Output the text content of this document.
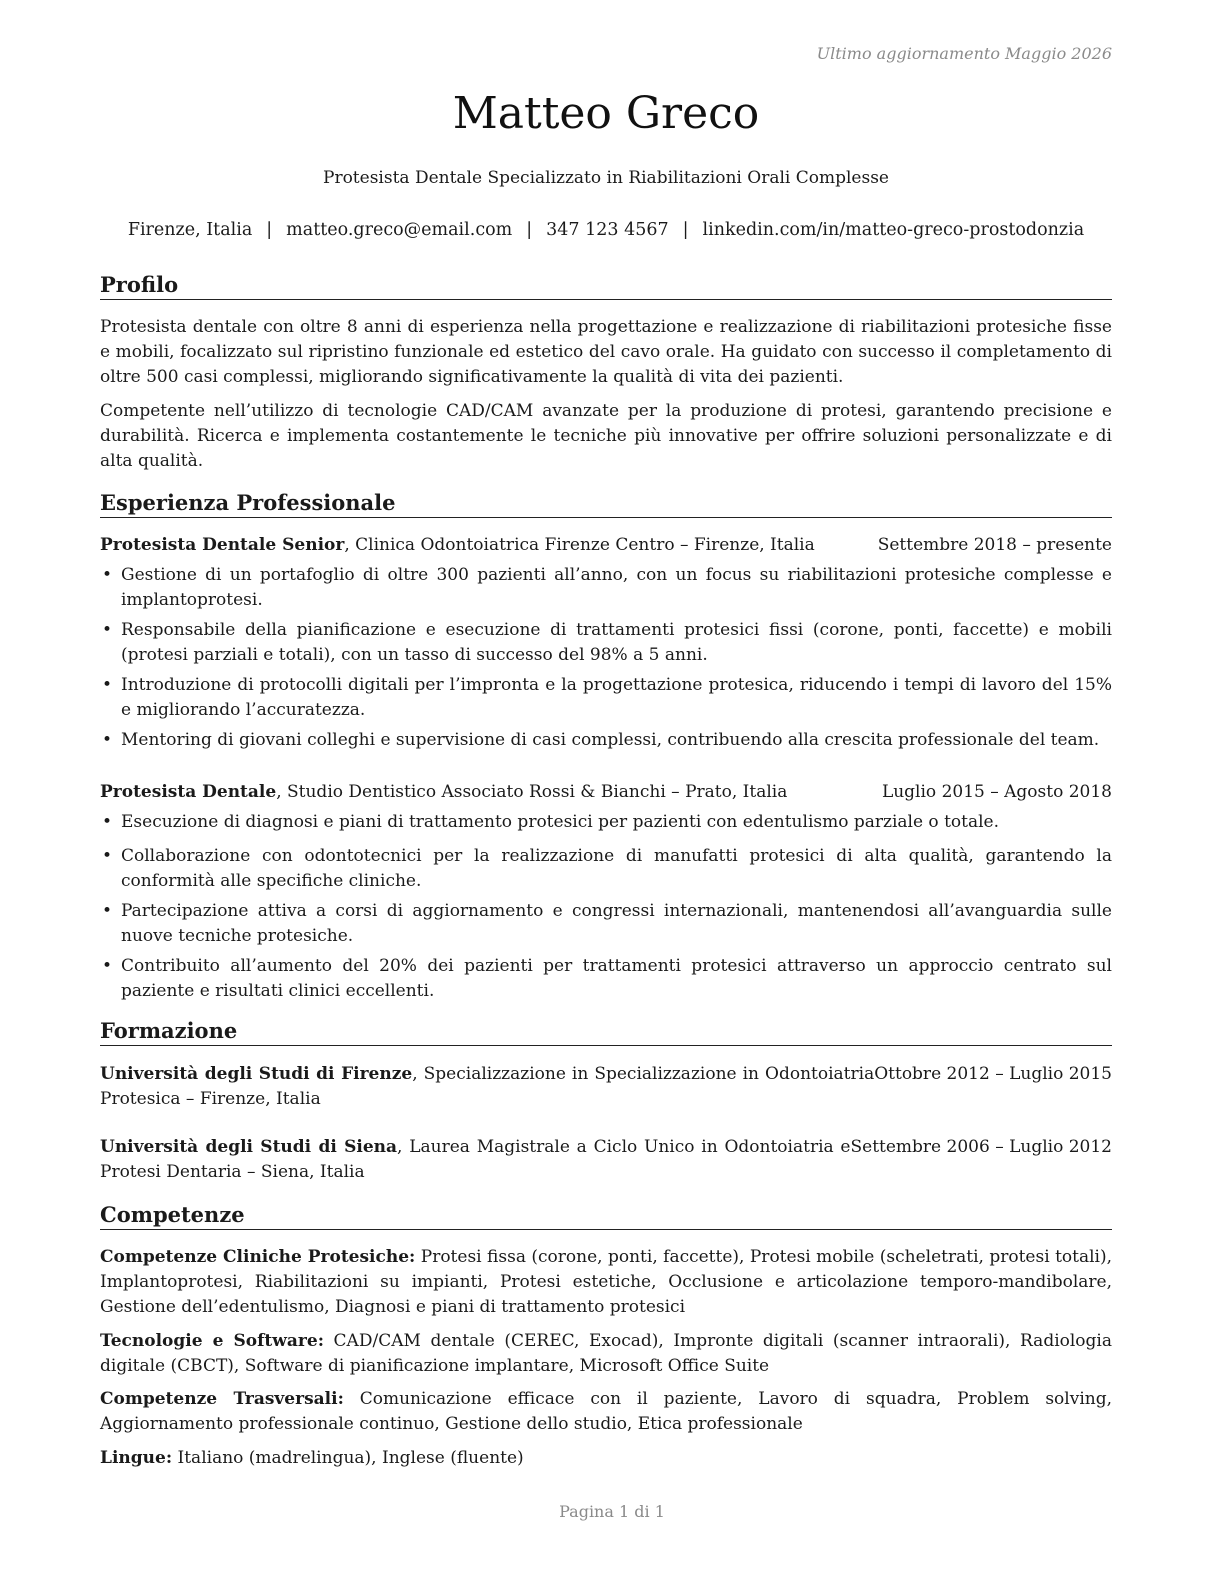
Ultimo aggiornamento Maggio 2026
Matteo Greco
Protesista Dentale Specializzato in Riabilitazioni Orali Complesse
Firenze, Italia | matteo.greco@email.com | 347 123 4567 | linkedin.com/in/matteo-greco-prostodonzia
Profilo
Protesista dentale con oltre 8 anni di esperienza nella progettazione e realizzazione di riabilitazioni protesiche fisse e mobili, focalizzato sul ripristino funzionale ed estetico del cavo orale. Ha guidato con successo il completamento di oltre 500 casi complessi, migliorando significativamente la qualità di vita dei pazienti.
Competente nell’utilizzo di tecnologie CAD/CAM avanzate per la produzione di protesi, garantendo precisione e durabilità. Ricerca e implementa costantemente le tecniche più innovative per offrire soluzioni personalizzate e di alta qualità.
Esperienza Professionale
Protesista Dentale Senior, Clinica Odontoiatrica Firenze Centro – Firenze, Italia	Settembre 2018 – presente
• Gestione di un portafoglio di oltre 300 pazienti all’anno, con un focus su riabilitazioni protesiche complesse e implantoprotesi.
• Responsabile della pianificazione e esecuzione di trattamenti protesici fissi (corone, ponti, faccette) e mobili (protesi parziali e totali), con un tasso di successo del 98% a 5 anni.
• Introduzione di protocolli digitali per l’impronta e la progettazione protesica, riducendo i tempi di lavoro del 15% e migliorando l’accuratezza.
• Mentoring di giovani colleghi e supervisione di casi complessi, contribuendo alla crescita professionale del team.
Protesista Dentale, Studio Dentistico Associato Rossi & Bianchi – Prato, Italia	Luglio 2015 – Agosto 2018
• Esecuzione di diagnosi e piani di trattamento protesici per pazienti con edentulismo parziale o totale.
• Collaborazione con odontotecnici per la realizzazione di manufatti protesici di alta qualità, garantendo la conformità alle specifiche cliniche.
• Partecipazione attiva a corsi di aggiornamento e congressi internazionali, mantenendosi all’avanguardia sulle nuove tecniche protesiche.
• Contribuito all’aumento del 20% dei pazienti per trattamenti protesici attraverso un approccio centrato sul paziente e risultati clinici eccellenti.
Formazione
Università degli Studi di Firenze, Specializzazione in Specializzazione in Odontoiatria Protesica – Firenze, Italia
Ottobre 2012 – Luglio 2015
Università degli Studi di Siena, Laurea Magistrale a Ciclo Unico in Odontoiatria e Protesi Dentaria – Siena, Italia
Settembre 2006 – Luglio 2012
Competenze
Competenze Cliniche Protesiche: Protesi fissa (corone, ponti, faccette), Protesi mobile (scheletrati, protesi totali), Implantoprotesi, Riabilitazioni su impianti, Protesi estetiche, Occlusione e articolazione temporo-mandibolare, Gestione dell’edentulismo, Diagnosi e piani di trattamento protesici
Tecnologie e Software: CAD/CAM dentale (CEREC, Exocad), Impronte digitali (scanner intraorali), Radiologia digitale (CBCT), Software di pianificazione implantare, Microsoft Office Suite
Competenze Trasversali: Comunicazione efficace con il paziente, Lavoro di squadra, Problem solving, Aggiornamento professionale continuo, Gestione dello studio, Etica professionale
Lingue: Italiano (madrelingua), Inglese (fluente)
Pagina 1 di 1
